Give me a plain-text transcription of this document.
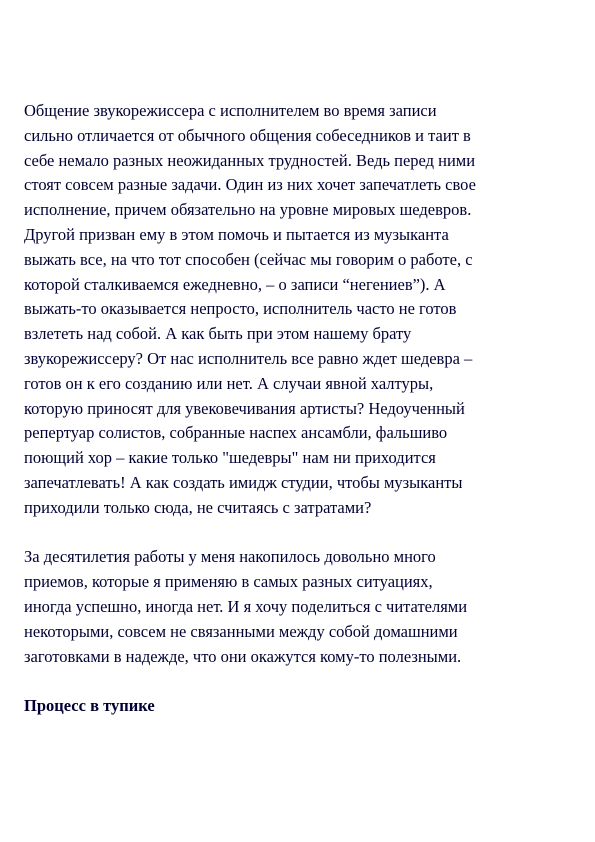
Общение звукорежиссера с исполнителем во время записи
сильно отличается от обычного общения собеседников и таит в
себе немало разных неожиданных трудностей. Ведь перед ними
стоят совсем разные задачи. Один из них хочет запечатлеть свое
исполнение, причем обязательно на уровне мировых шедевров.
Другой призван ему в этом помочь и пытается из музыканта
выжать все, на что тот способен (сейчас мы говорим о работе, с
которой сталкиваемся ежедневно, – о записи “негениев”). А
выжать-то оказывается непросто, исполнитель часто не готов
взлететь над собой. А как быть при этом нашему брату
звукорежиссеру? От нас исполнитель все равно ждет шедевра –
готов он к его созданию или нет. А случаи явной халтуры,
которую приносят для увековечивания артисты? Недоученный
репертуар солистов, собранные наспех ансамбли, фальшиво
поющий хор – какие только "шедевры" нам ни приходится
запечатлевать! А как создать имидж студии, чтобы музыканты
приходили только сюда, не считаясь с затратами?

За десятилетия работы у меня накопилось довольно много
приемов, которые я применяю в самых разных ситуациях,
иногда успешно, иногда нет. И я хочу поделиться с читателями
некоторыми, совсем не связанными между собой домашними
заготовками в надежде, что они окажутся кому-то полезными.

Процесс в тупике
